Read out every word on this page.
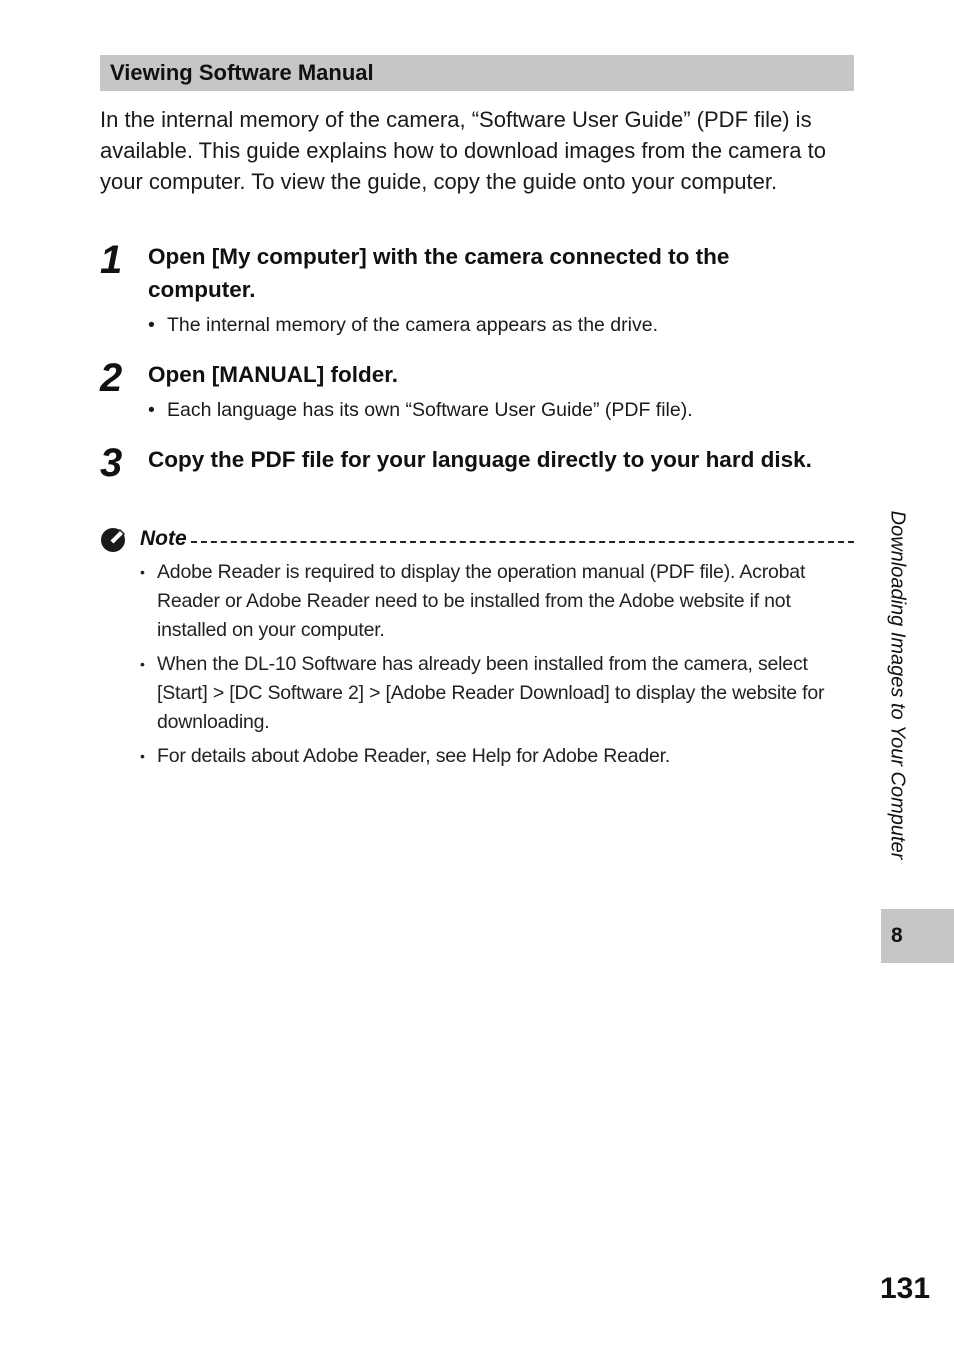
Viewing Software Manual

In the internal memory of the camera, “Software User Guide” (PDF file) is available. This guide explains how to download images from the camera to your computer. To view the guide, copy the guide onto your computer.

1 Open [My computer] with the camera connected to the computer.

• The internal memory of the camera appears as the drive.
2 Open [MANUAL] folder.

• Each language has its own “Software User Guide” (PDF file).
3 Copy the PDF file for your language directly to your hard disk.

Note
• Adobe Reader is required to display the operation manual (PDF file). Acrobat Reader or Adobe Reader need to be installed from the Adobe website if not installed on your computer.
• When the DL-10 Software has already been installed from the camera, select [Start] > [DC Software 2] > [Adobe Reader Download] to display the website for downloading.
• For details about Adobe Reader, see Help for Adobe Reader.	Downloading Images to Your Computer
8
131
